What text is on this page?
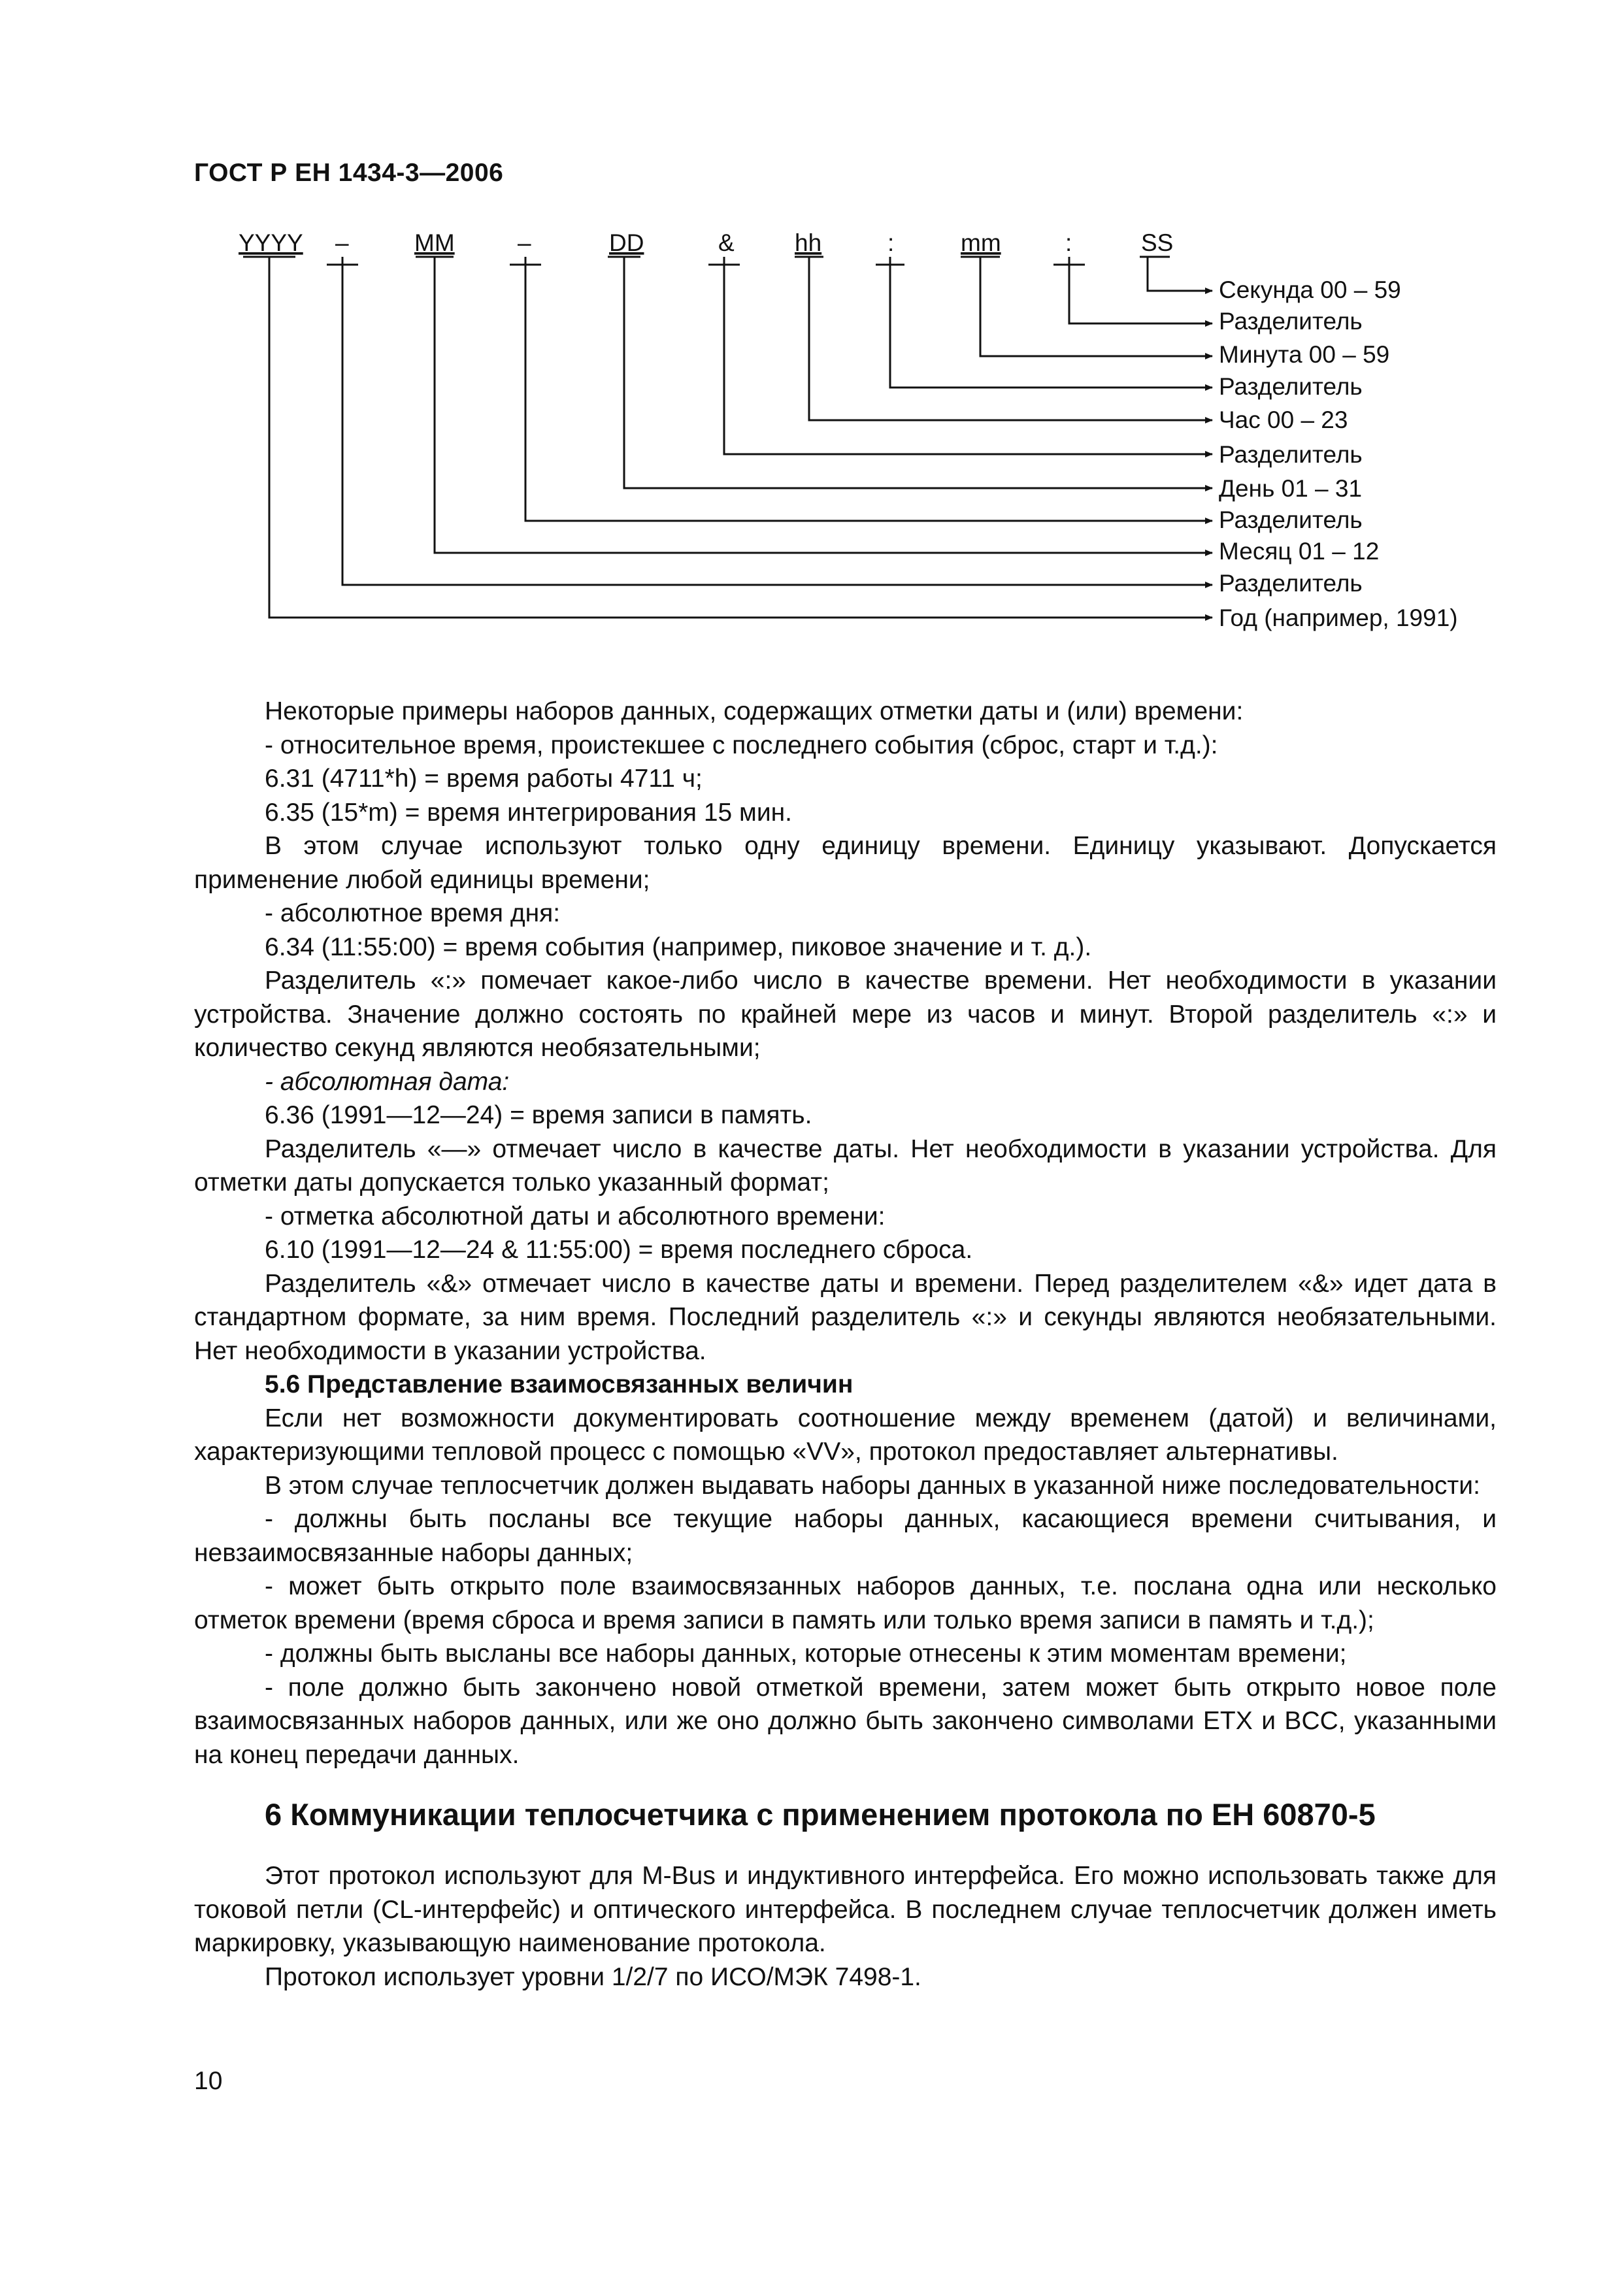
ГОСТ Р ЕН 1434-3—2006
YYYY –	MM	–	DD	& hh	:	mm	:	SS
Секунда 00 – 59
Разделитель
Минута 00 – 59
Разделитель
Час 00 – 23
Разделитель
День 01 – 31
Разделитель
Месяц 01 – 12
Разделитель
Год (например, 1991)

Некоторые примеры наборов данных, содержащих отметки даты и (или) времени:

- относительное время, проистекшее с последнего события (сброс, старт и т.д.):

6.31 (4711*h) = время работы 4711 ч;

6.35 (15*m) = время интегрирования 15 мин.

В этом случае используют только одну единицу времени. Единицу указывают. Допускается применение любой единицы времени;

- абсолютное время дня:

6.34 (11:55:00) = время события (например, пиковое значение и т. д.).

Разделитель «:» помечает какое-либо число в качестве времени. Нет необходимости в указании устройства. Значение должно состоять по крайней мере из часов и минут. Второй разделитель «:» и количество секунд являются необязательными;

- абсолютная дата:

6.36 (1991—12—24) = время записи в память.

Разделитель «—» отмечает число в качестве даты. Нет необходимости в указании устройства. Для отметки даты допускается только указанный формат;

- отметка абсолютной даты и абсолютного времени:

6.10 (1991—12—24 & 11:55:00) = время последнего сброса.

Разделитель «&» отмечает число в качестве даты и времени. Перед разделителем «&» идет дата в стандартном формате, за ним время. Последний разделитель «:» и секунды являются необязательными. Нет необходимости в указании устройства.

5.6 Представление взаимосвязанных величин

Если нет возможности документировать соотношение между временем (датой) и величинами, характеризующими тепловой процесс с помощью «VV», протокол предоставляет альтернативы.

В этом случае теплосчетчик должен выдавать наборы данных в указанной ниже последовательности:

- должны быть посланы все текущие наборы данных, касающиеся времени считывания, и невзаимосвязанные наборы данных;

- может быть открыто поле взаимосвязанных наборов данных, т.е. послана одна или несколько отметок времени (время сброса и время записи в память или только время записи в память и т.д.);

- должны быть высланы все наборы данных, которые отнесены к этим моментам времени;

- поле должно быть закончено новой отметкой времени, затем может быть открыто новое поле взаимосвязанных наборов данных, или же оно должно быть закончено символами ETX и BCC, указанными на конец передачи данных.

6 Коммуникации теплосчетчика с применением протокола по ЕН 60870-5

Этот протокол используют для M-Bus и индуктивного интерфейса. Его можно использовать также для токовой петли (CL-интерфейс) и оптического интерфейса. В последнем случае теплосчетчик должен иметь маркировку, указывающую наименование протокола.

Протокол использует уровни 1/2/7 по ИСО/МЭК 7498-1.

10
